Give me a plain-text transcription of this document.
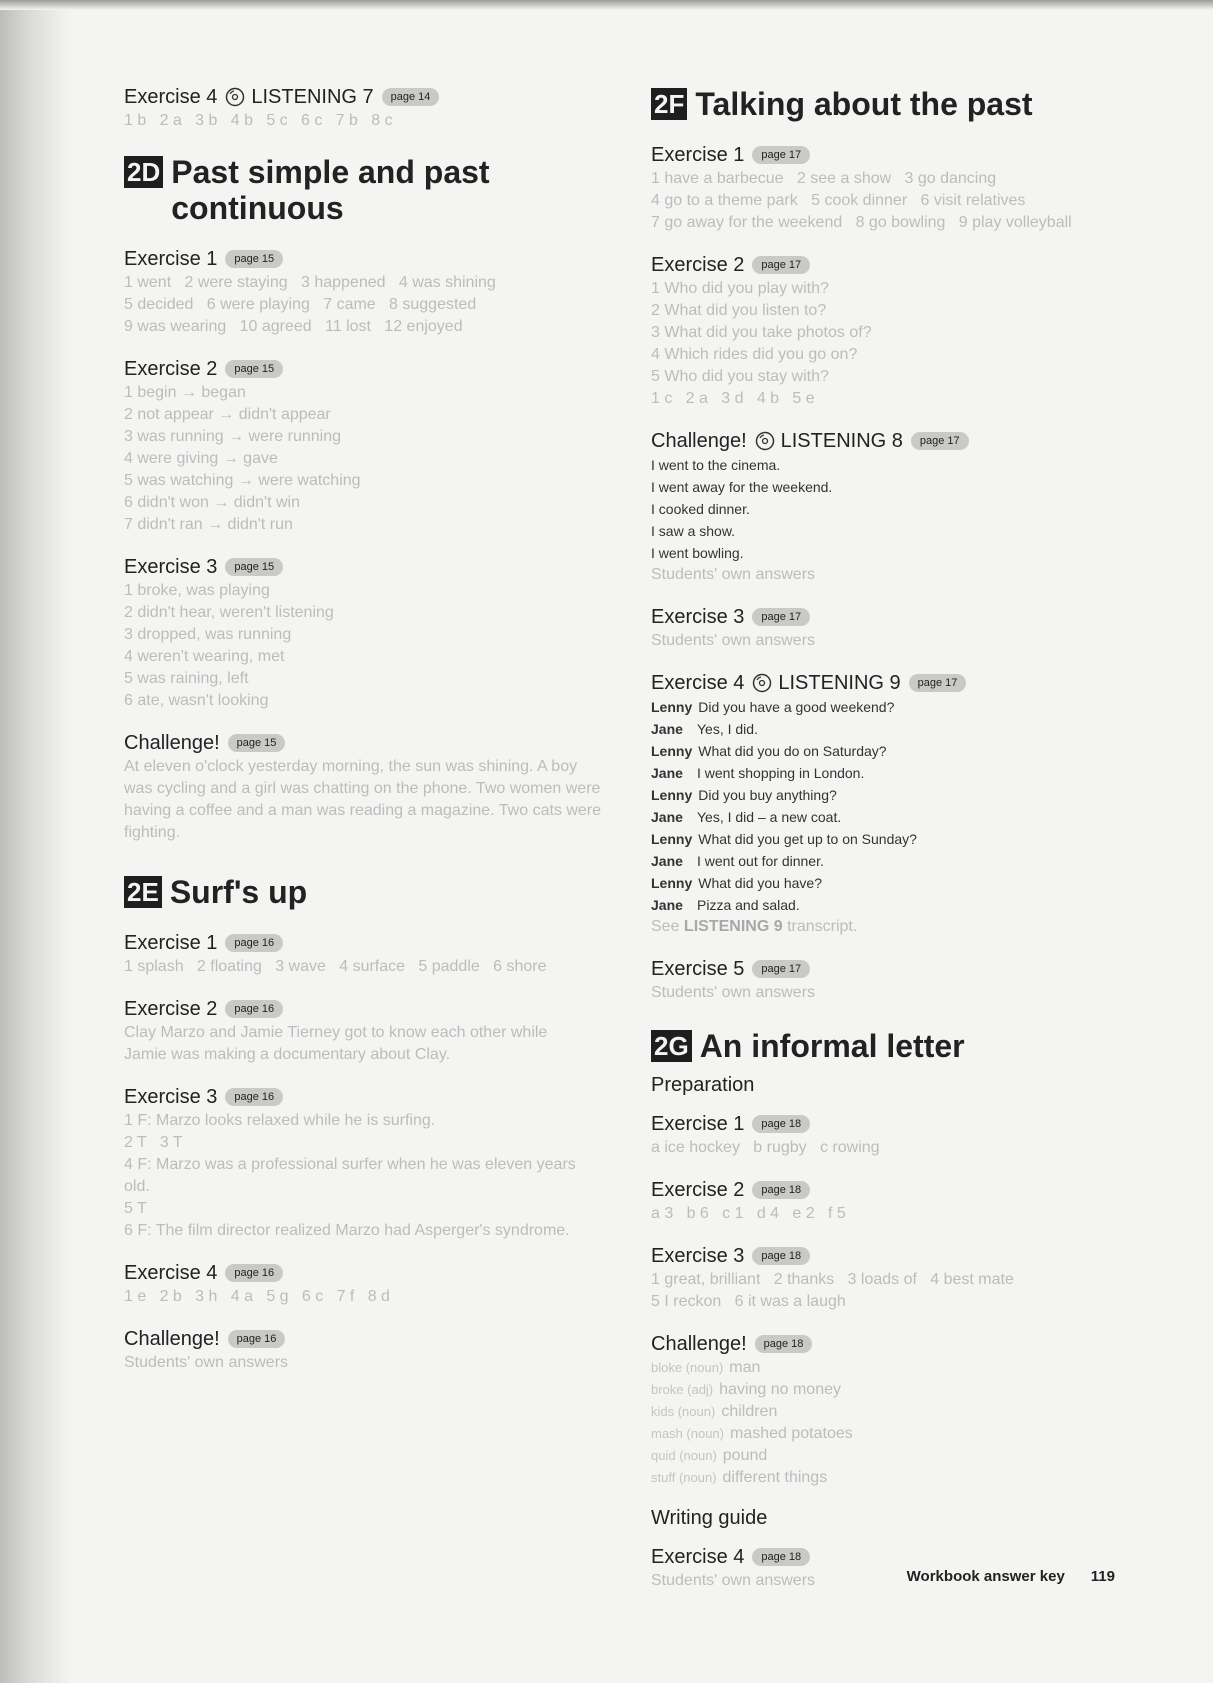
Exercise 4 LISTENING 7	page 14
1 b   2 a   3 b   4 b   5 c   6 c   7 b   8 c
2D Past simple and past continuous
Exercise 1	page 15
1 went   2 were staying   3 happened   4 was shining
5 decided   6 were playing   7 came   8 suggested
9 was wearing   10 agreed   11 lost   12 enjoyed
Exercise 2	page 15
1 begin → began
2 not appear → didn't appear
3 was running → were running
4 were giving → gave
5 was watching → were watching
6 didn't won → didn't win
7 didn't ran → didn't run
Exercise 3	page 15
1 broke, was playing
2 didn't hear, weren't listening
3 dropped, was running
4 weren't wearing, met
5 was raining, left
6 ate, wasn't looking
Challenge!	page 15
At eleven o'clock yesterday morning, the sun was shining. A boy was cycling and a girl was chatting on the phone. Two women were having a coffee and a man was reading a magazine. Two cats were fighting.
2E Surf's up
Exercise 1	page 16
1 splash   2 floating   3 wave   4 surface   5 paddle   6 shore
Exercise 2	page 16
Clay Marzo and Jamie Tierney got to know each other while Jamie was making a documentary about Clay.
Exercise 3	page 16
1 F: Marzo looks relaxed while he is surfing.
2 T   3 T
4 F: Marzo was a professional surfer when he was eleven years old.
5 T
6 F: The film director realized Marzo had Asperger's syndrome.
Exercise 4	page 16
1 e   2 b   3 h   4 a   5 g   6 c   7 f   8 d
Challenge!	page 16
Students' own answers
2F Talking about the past
Exercise 1	page 17
1 have a barbecue   2 see a show   3 go dancing
4 go to a theme park   5 cook dinner   6 visit relatives
7 go away for the weekend   8 go bowling   9 play volleyball
Exercise 2	page 17
1 Who did you play with?
2 What did you listen to?
3 What did you take photos of?
4 Which rides did you go on?
5 Who did you stay with?
1 c   2 a   3 d   4 b   5 e
Challenge! LISTENING 8	page 17
I went to the cinema.
I went away for the weekend.
I cooked dinner.
I saw a show.
I went bowling.
Students' own answers
Exercise 3	page 17
Students' own answers
Exercise 4 LISTENING 9	page 17
Lenny Did you have a good weekend?
Jane Yes, I did.
Lenny What did you do on Saturday?
Jane I went shopping in London.
Lenny Did you buy anything?
Jane Yes, I did – a new coat.
Lenny What did you get up to on Sunday?
Jane I went out for dinner.
Lenny What did you have?
Jane Pizza and salad.
See LISTENING 9 transcript.
Exercise 5	page 17
Students' own answers
2G An informal letter
Preparation
Exercise 1	page 18
a ice hockey   b rugby   c rowing
Exercise 2	page 18
a 3   b 6   c 1   d 4   e 2   f 5
Exercise 3	page 18
1 great, brilliant   2 thanks   3 loads of   4 best mate
5 I reckon   6 it was a laugh
Challenge!	page 18
bloke (noun) man
broke (adj) having no money
kids (noun) children
mash (noun) mashed potatoes
quid (noun) pound
stuff (noun) different things
Writing guide
Exercise 4	page 18
Students' own answers	Workbook answer key 119
